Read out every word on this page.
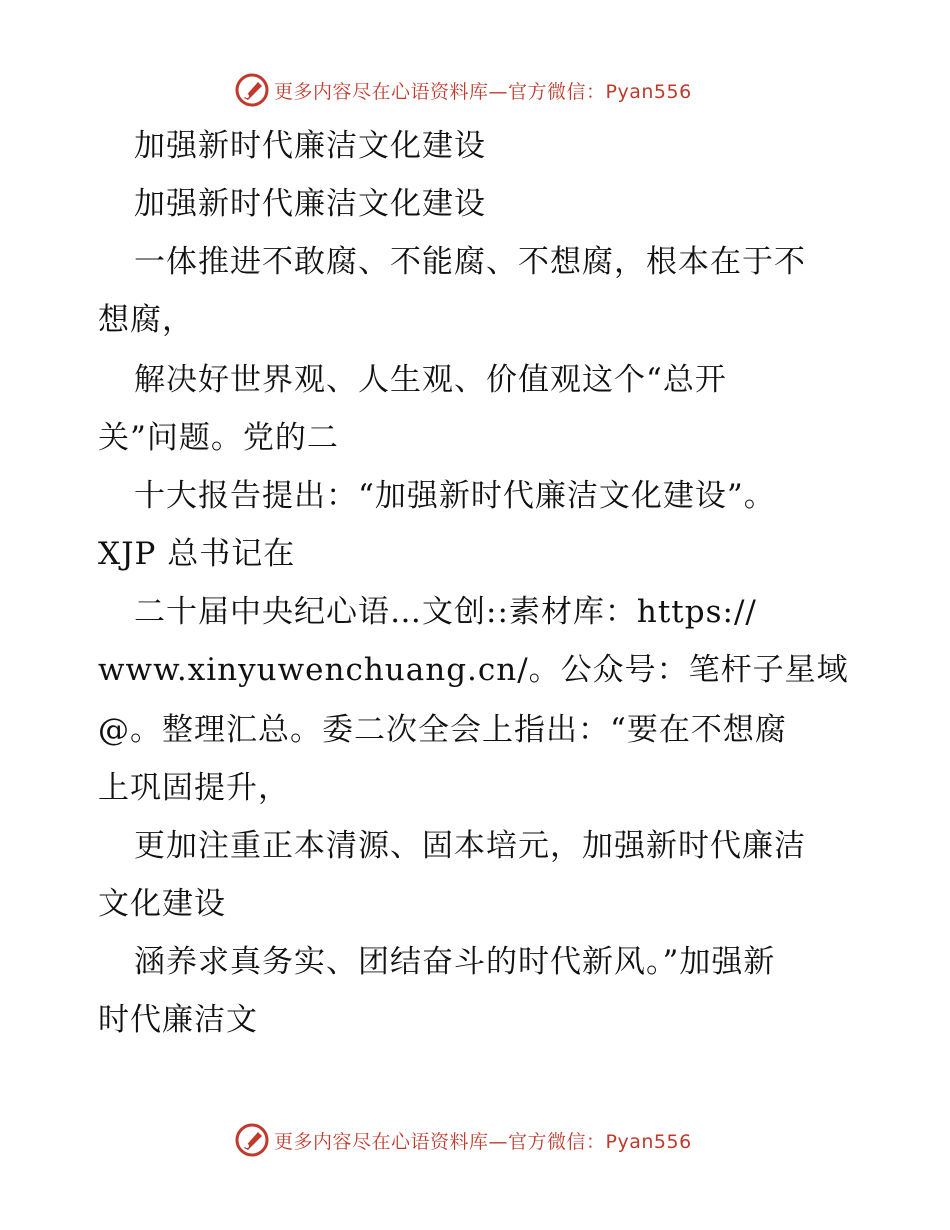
更多内容尽在心语资料库—官方微信：Pyan556
加强新时代廉洁文化建设
加强新时代廉洁文化建设
一体推进不敢腐、不能腐、不想腐，根本在于不
想腐，
解决好世界观、人生观、价值观这个“总开
关”问题。党的二
十大报告提出：“加强新时代廉洁文化建设”。
XJP 总书记在
二十届中央纪心语…文创::素材库：https://
www.xinyuwenchuang.cn/。公众号：笔杆子星域
@。整理汇总。委二次全会上指出：“要在不想腐
上巩固提升，
更加注重正本清源、固本培元，加强新时代廉洁
文化建设
涵养求真务实、团结奋斗的时代新风。”加强新
时代廉洁文
更多内容尽在心语资料库—官方微信：Pyan556
